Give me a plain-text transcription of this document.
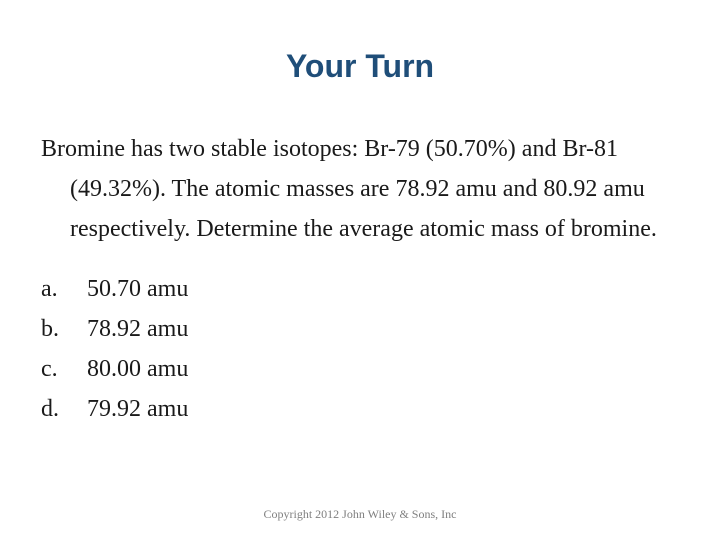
Your Turn

Bromine has two stable isotopes: Br-79 (50.70%) and Br-81 (49.32%). The atomic masses are 78.92 amu and 80.92 amu respectively. Determine the average atomic mass of bromine.

a.	50.70 amu
b.	78.92 amu
c.	80.00 amu
d.	79.92 amu
Copyright 2012 John Wiley & Sons, Inc
